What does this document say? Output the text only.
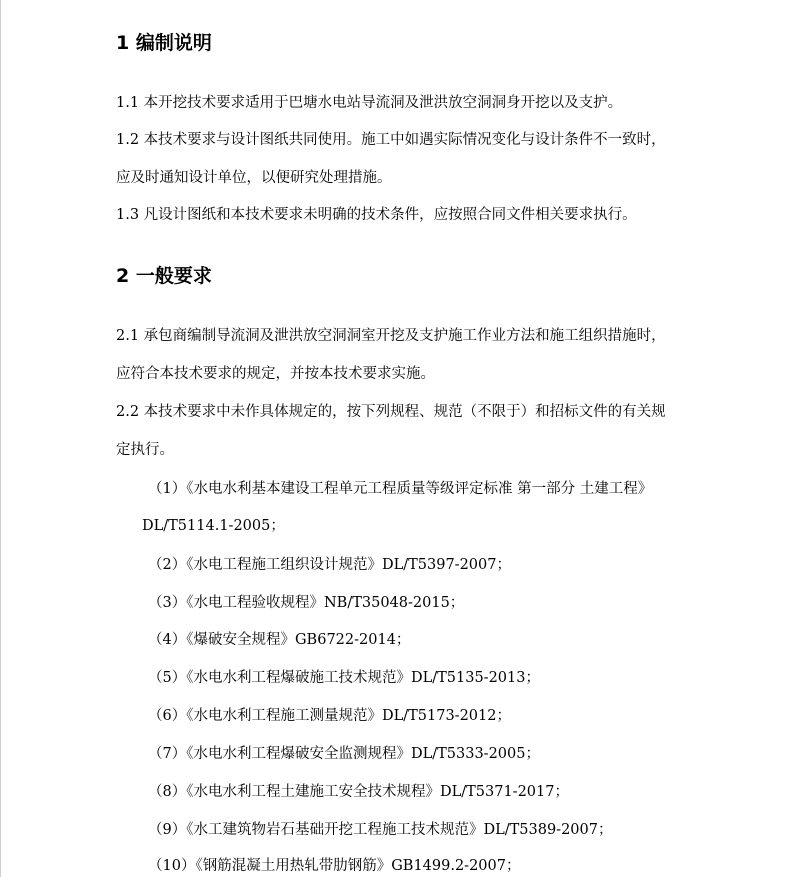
1 编制说明
1.1 本开挖技术要求适用于巴塘水电站导流洞及泄洪放空洞洞身开挖以及支护。
1.2 本技术要求与设计图纸共同使用。施工中如遇实际情况变化与设计条件不一致时，
应及时通知设计单位，以便研究处理措施。
1.3 凡设计图纸和本技术要求未明确的技术条件，应按照合同文件相关要求执行。
2 一般要求
2.1 承包商编制导流洞及泄洪放空洞洞室开挖及支护施工作业方法和施工组织措施时，
应符合本技术要求的规定，并按本技术要求实施。
2.2 本技术要求中未作具体规定的，按下列规程、规范（不限于）和招标文件的有关规
定执行。
（1）《水电水利基本建设工程单元工程质量等级评定标准 第一部分 土建工程》
DL/T5114.1-2005；
（2）《水电工程施工组织设计规范》DL/T5397-2007；
（3）《水电工程验收规程》NB/T35048-2015；
（4）《爆破安全规程》GB6722-2014；
（5）《水电水利工程爆破施工技术规范》DL/T5135-2013；
（6）《水电水利工程施工测量规范》DL/T5173-2012；
（7）《水电水利工程爆破安全监测规程》DL/T5333-2005；
（8）《水电水利工程土建施工安全技术规程》DL/T5371-2017；
（9）《水工建筑物岩石基础开挖工程施工技术规范》DL/T5389-2007；
（10）《钢筋混凝土用热轧带肋钢筋》GB1499.2-2007；
